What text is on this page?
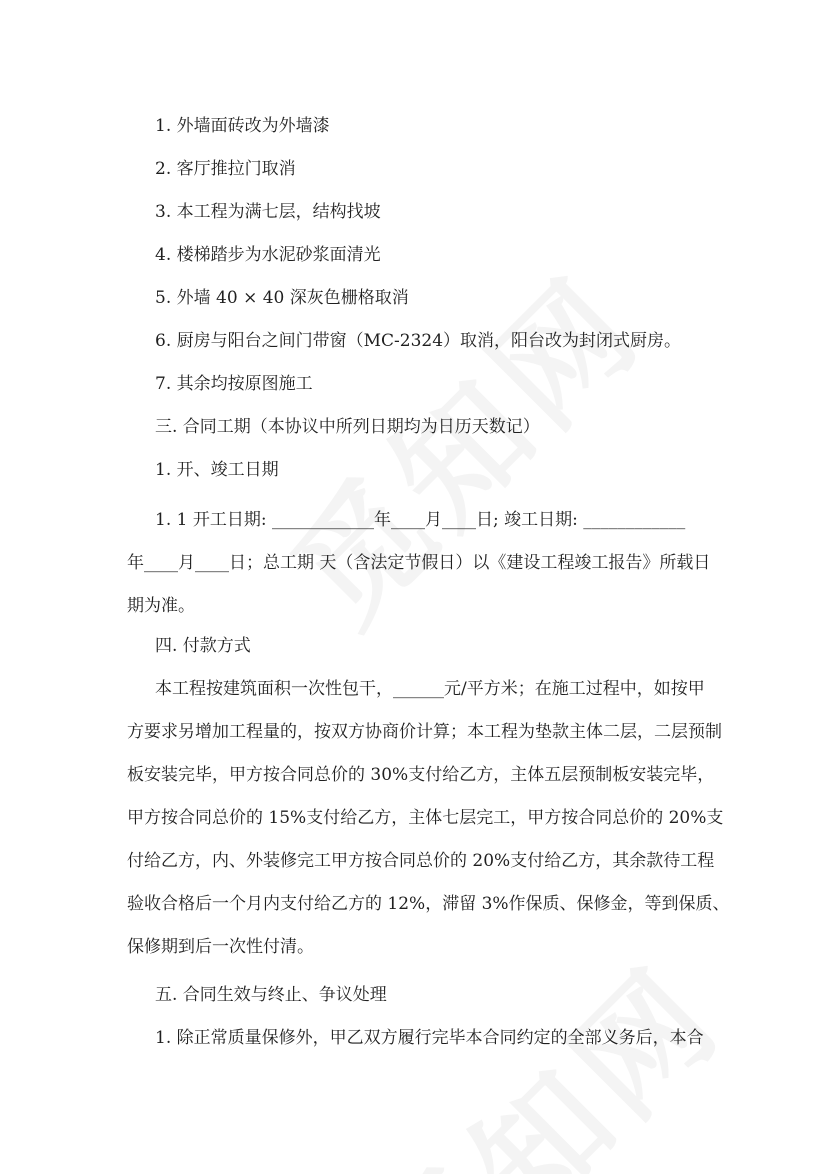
1. 外墙面砖改为外墙漆
2. 客厅推拉门取消
3. 本工程为满七层，结构找坡
4. 楼梯踏步为水泥砂浆面清光
5. 外墙 40 × 40 深灰色栅格取消
6. 厨房与阳台之间门带窗（MC-2324）取消，阳台改为封闭式厨房。
7. 其余均按原图施工
三. 合同工期（本协议中所列日期均为日历天数记）
1. 开、竣工日期
1. 1 开工日期: ____________年____月____日; 竣工日期: ____________
年____月____日；总工期 天（含法定节假日）以《建设工程竣工报告》所载日
期为准。
四. 付款方式
本工程按建筑面积一次性包干，______元/平方米；在施工过程中，如按甲
方要求另增加工程量的，按双方协商价计算；本工程为垫款主体二层，二层预制
板安装完毕，甲方按合同总价的 30%支付给乙方，主体五层预制板安装完毕，
甲方按合同总价的 15%支付给乙方，主体七层完工，甲方按合同总价的 20%支
付给乙方，内、外装修完工甲方按合同总价的 20%支付给乙方，其余款待工程
验收合格后一个月内支付给乙方的 12%，滞留 3%作保质、保修金，等到保质、
保修期到后一次性付清。
五. 合同生效与终止、争议处理
1. 除正常质量保修外，甲乙双方履行完毕本合同约定的全部义务后，本合
